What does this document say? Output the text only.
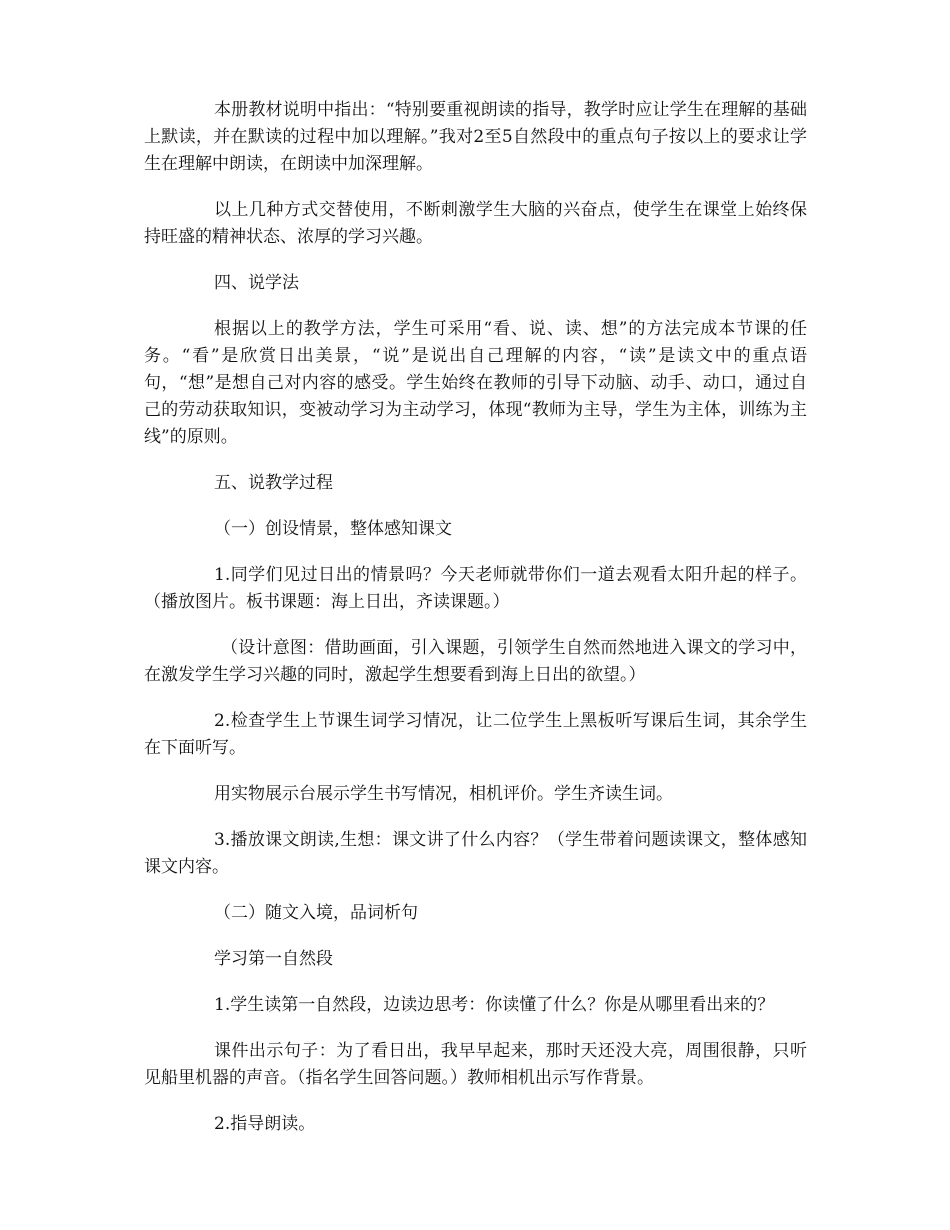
本册教材说明中指出：“特别要重视朗读的指导，教学时应让学生在理解的基础上默读，并在默读的过程中加以理解。”我对2至5自然段中的重点句子按以上的要求让学生在理解中朗读，在朗读中加深理解。

以上几种方式交替使用，不断刺激学生大脑的兴奋点，使学生在课堂上始终保持旺盛的精神状态、浓厚的学习兴趣。

四、说学法

根据以上的教学方法，学生可采用“看、说、读、想”的方法完成本节课的任务。“看”是欣赏日出美景，“说”是说出自己理解的内容，“读”是读文中的重点语句，“想”是想自己对内容的感受。学生始终在教师的引导下动脑、动手、动口，通过自己的劳动获取知识，变被动学习为主动学习，体现“教师为主导，学生为主体，训练为主线”的原则。

五、说教学过程

（一）创设情景，整体感知课文

1.同学们见过日出的情景吗？今天老师就带你们一道去观看太阳升起的样子。（播放图片。板书课题：海上日出，齐读课题。）

（设计意图：借助画面，引入课题，引领学生自然而然地进入课文的学习中，在激发学生学习兴趣的同时，激起学生想要看到海上日出的欲望。）

2.检查学生上节课生词学习情况，让二位学生上黑板听写课后生词，其余学生在下面听写。

用实物展示台展示学生书写情况，相机评价。学生齐读生词。

3.播放课文朗读,生想：课文讲了什么内容？（学生带着问题读课文，整体感知课文内容。

（二）随文入境，品词析句

学习第一自然段

1.学生读第一自然段，边读边思考：你读懂了什么？你是从哪里看出来的？

课件出示句子：为了看日出，我早早起来，那时天还没大亮，周围很静，只听见船里机器的声音。（指名学生回答问题。）教师相机出示写作背景。

2.指导朗读。
